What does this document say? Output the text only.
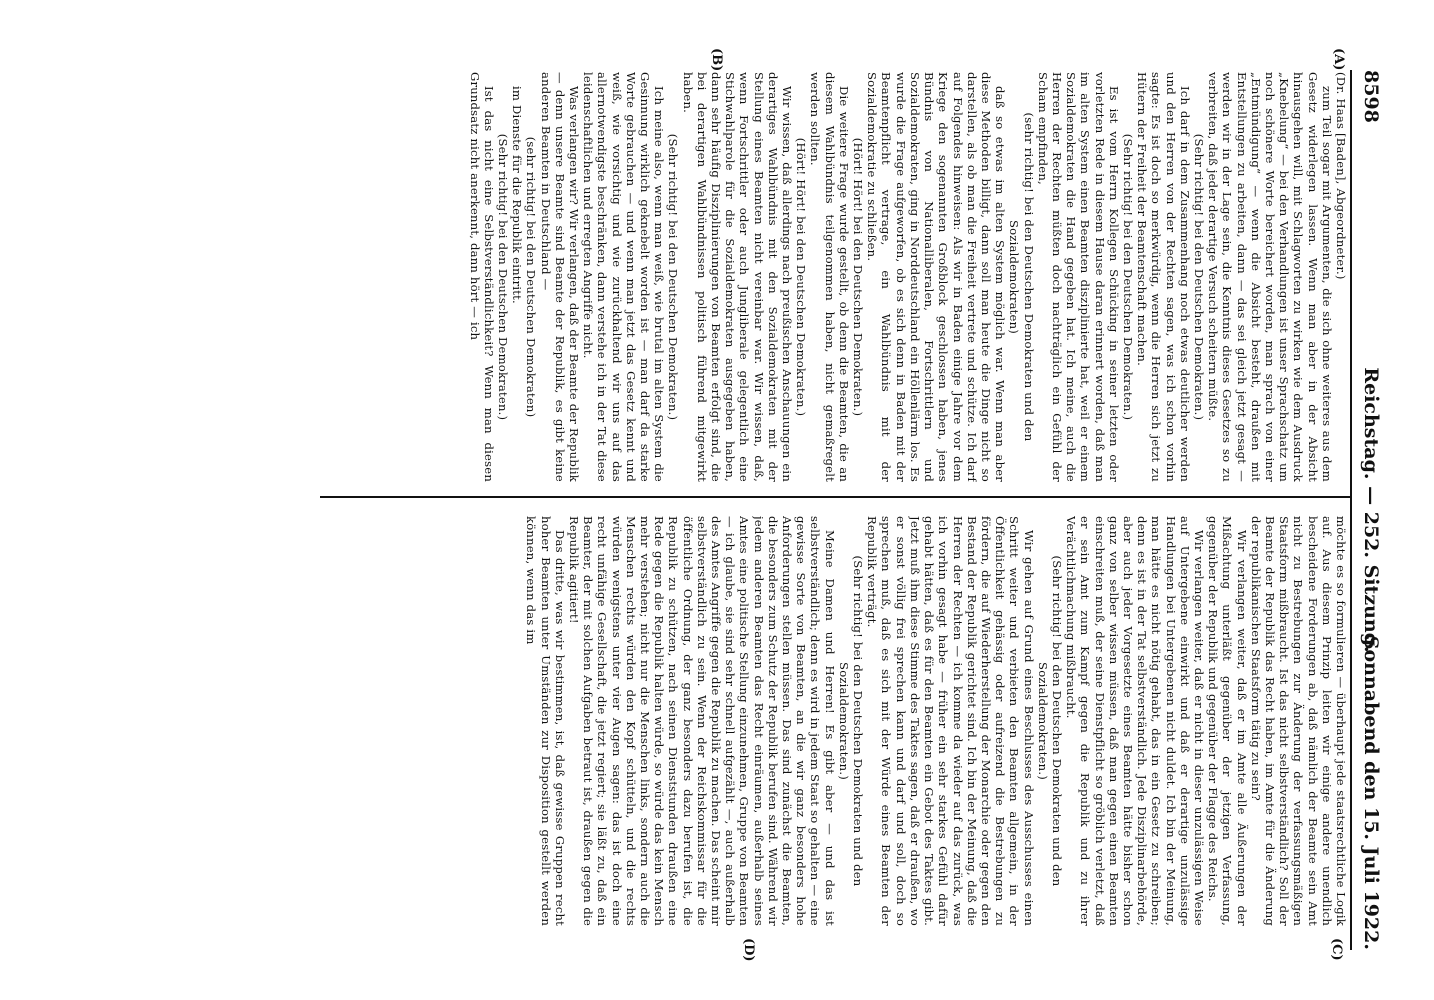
8598
Reichstag. — 252. Sitzung.
Sonnabend den 15. Juli 1922.
(A)
(B)
(C)
(D)

(Dr. Haas [Baden], Abgeordneter.)

zum Teil sogar mit Argumenten, die sich ohne weiteres aus dem Gesetz widerlegen lassen. Wenn man aber in der Absicht hinausgehen will, mit Schlagworten zu wirken wie dem Ausdruck „Knebelung“ — bei den Verhandlungen ist unser Sprachschatz um noch schönere Worte bereichert worden, man sprach von einer „Entmündigung“ — wenn die Absicht besteht, draußen mit Entstellungen zu arbeiten, dann — das sei gleich jetzt gesagt — werden wir in der Lage sein, die Kenntnis dieses Gesetzes so zu verbreiten, daß jeder derartige Versuch scheitern müßte.

(Sehr richtig! bei den Deutschen Demokraten.)

Ich darf in dem Zusammenhang noch etwas deutlicher werden und den Herren von der Rechten sagen, was ich schon vorhin sagte: Es ist doch so merkwürdig, wenn die Herren sich jetzt zu Hütern der Freiheit der Beamtenschaft machen.

(Sehr richtig! bei den Deutschen Demokraten.)

Es ist vom Herrn Kollegen Schücking in seiner letzten oder vorletzten Rede in diesem Hause daran erinnert worden, daß man im alten System einen Beamten disziplinierte hat, weil er einem Sozialdemokraten die Hand gegeben hat. Ich meine, auch die Herren der Rechten müßten doch nachträglich ein Gefühl der Scham empfinden,

(sehr richtig! bei den Deutschen Demokraten und den Sozialdemokraten)

daß so etwas im alten System möglich war. Wenn man aber diese Methoden billigt, dann soll man heute die Dinge nicht so darstellen, als ob man die Freiheit vertrete und schütze. Ich darf auf Folgendes hinweisen: Als wir in Baden einige Jahre vor dem Kriege den sogenannten Großblock geschlossen haben, jenes Bündnis von Nationalliberalen, Fortschrittlern und Sozialdemokraten, ging in Norddeutschland ein Höllenlärm los. Es wurde die Frage aufgeworfen, ob es sich denn in Baden mit der Beamtenpflicht vertrage, ein Wahlbündnis mit der Sozialdemokratie zu schließen.

(Hört! Hört! bei den Deutschen Demokraten.)

Die weitere Frage wurde gestellt, ob denn die Beamten, die an diesem Wahlbündnis teilgenommen haben, nicht gemaßregelt werden sollten.

(Hört! Hört! bei den Deutschen Demokraten.)

Wir wissen, daß allerdings nach preußischen Anschauungen ein derartiges Wahlbündnis mit den Sozialdemokraten mit der Stellung eines Beamten nicht vereinbar war. Wir wissen, daß, wenn Fortschrittler oder auch Jungliberale gelegentlich eine Stichwahlparole für die Sozialdemokraten ausgegeben haben, dann sehr häufig Disziplinierungen von Beamten erfolgt sind, die bei derartigen Wahlbündnissen politisch führend mitgewirkt haben.

(Sehr richtig! bei den Deutschen Demokraten.)

Ich meine also, wenn man weiß, wie brutal im alten System die Gesinnung wirklich geknebelt worden ist — man darf da starke Worte gebrauchen — und wenn man jetzt das Gesetz kennt und weiß, wie vorsichtig und wie zurückhaltend wir uns auf das allernotwendigste beschränken, dann verstehe ich in der Tat diese leidenschaftlichen und erregten Angriffe nicht.

Was verlangen wir? Wir verlangen, daß der Beamte der Republik — denn unsere Beamte sind Beamte der Republik, es gibt keine anderen Beamten in Deutschland —

(sehr richtig! bei den Deutschen Demokraten)

im Dienste für die Republik eintritt.

(Sehr richtig! bei den Deutschen Demokraten.)

Ist das nicht eine Selbstverständlichkeit? Wenn man diesen Grundsatz nicht anerkennt, dann hört — ich

möchte es so formulieren — überhaupt jede staatsrechtliche Logik auf. Aus diesem Prinzip leiten wir einige andere unendlich bescheidene Forderungen ab, daß nämlich der Beamte sein Amt nicht zu Bestrebungen zur Änderung der verfassungsmäßigen Staatsform mißbraucht. Ist das nicht selbstverständlich? Soll der Beamte der Republik das Recht haben, im Amte für die Änderung der republikanischen Staatsform tätig zu sein?

Wir verlangen weiter, daß er im Amte alle Äußerungen der Mißachtung unterläßt gegenüber der jetzigen Verfassung, gegenüber der Republik und gegenüber der Flagge des Reichs.

Wir verlangen weiter, daß er nicht in dieser unzulässigen Weise auf Untergebene einwirkt und daß er derartige unzulässige Handlungen bei Untergebenen nicht duldet. Ich bin der Meinung, man hätte es nicht nötig gehabt, das in ein Gesetz zu schreiben; denn es ist in der Tat selbstverständlich. Jede Disziplinarbehörde, aber auch jeder Vorgesetzte eines Beamten hätte bisher schon ganz von selber wissen müssen, daß man gegen einen Beamten einschreiten muß, der seine Dienstpflicht so gröblich verletzt, daß er sein Amt zum Kampf gegen die Republik und zu ihrer Verächtlichmachung mißbraucht.

(Sehr richtig! bei den Deutschen Demokraten und den Sozialdemokraten.)

Wir gehen auf Grund eines Beschlusses des Ausschusses einen Schritt weiter und verbieten den Beamten allgemein, in der Öffentlichkeit gehässig oder aufreizend die Bestrebungen zu fördern, die auf Wiederherstellung der Monarchie oder gegen den Bestand der Republik gerichtet sind. Ich bin der Meinung, daß die Herren der Rechten — ich komme da wieder auf das zurück, was ich vorhin gesagt habe — früher ein sehr starkes Gefühl dafür gehabt hätten, daß es für den Beamten ein Gebot des Taktes gibt. Jetzt muß ihm diese Stimme des Taktes sagen, daß er draußen, wo er sonst völlig frei sprechen kann und darf und soll, doch so sprechen muß, daß es sich mit der Würde eines Beamten der Republik verträgt.

(Sehr richtig! bei den Deutschen Demokraten und den Sozialdemokraten.)

Meine Damen und Herren! Es gibt aber — und das ist selbstverständlich; denn es wird in jedem Staat so gehalten — eine gewisse Sorte von Beamten, an die wir ganz besonders hohe Anforderungen stellen müssen. Das sind zunächst die Beamten, die besonders zum Schutz der Republik berufen sind. Während wir jedem anderen Beamten das Recht einräumen, außerhalb seines Amtes eine politische Stellung einzunehmen, Gruppe von Beamten — ich glaube, sie sind sehr schnell aufgezählt —, auch außerhalb des Amtes Angriffe gegen die Republik zu machen. Das scheint mir selbstverständlich zu sein. Wenn der Reichskommissar für die öffentliche Ordnung, der ganz besonders dazu berufen ist, die Republik zu schützen, nach seinen Dienststunden draußen eine Rede gegen die Republik halten würde, so würde das kein Mensch mehr verstehen; nicht nur die Menschen links, sondern auch die Menschen rechts würden den Kopf schütteln, und die rechts würden wenigstens unter vier Augen sagen: das ist doch eine recht unfähige Gesellschaft, die jetzt regiert; sie läßt zu, daß ein Beamter, der mit solchen Aufgaben betraut ist, draußen gegen die Republik agitiert!

Das dritte, was wir bestimmen, ist, daß gewisse Gruppen recht hoher Beamten unter Umständen zur Disposition gestellt werden können, wenn das im
